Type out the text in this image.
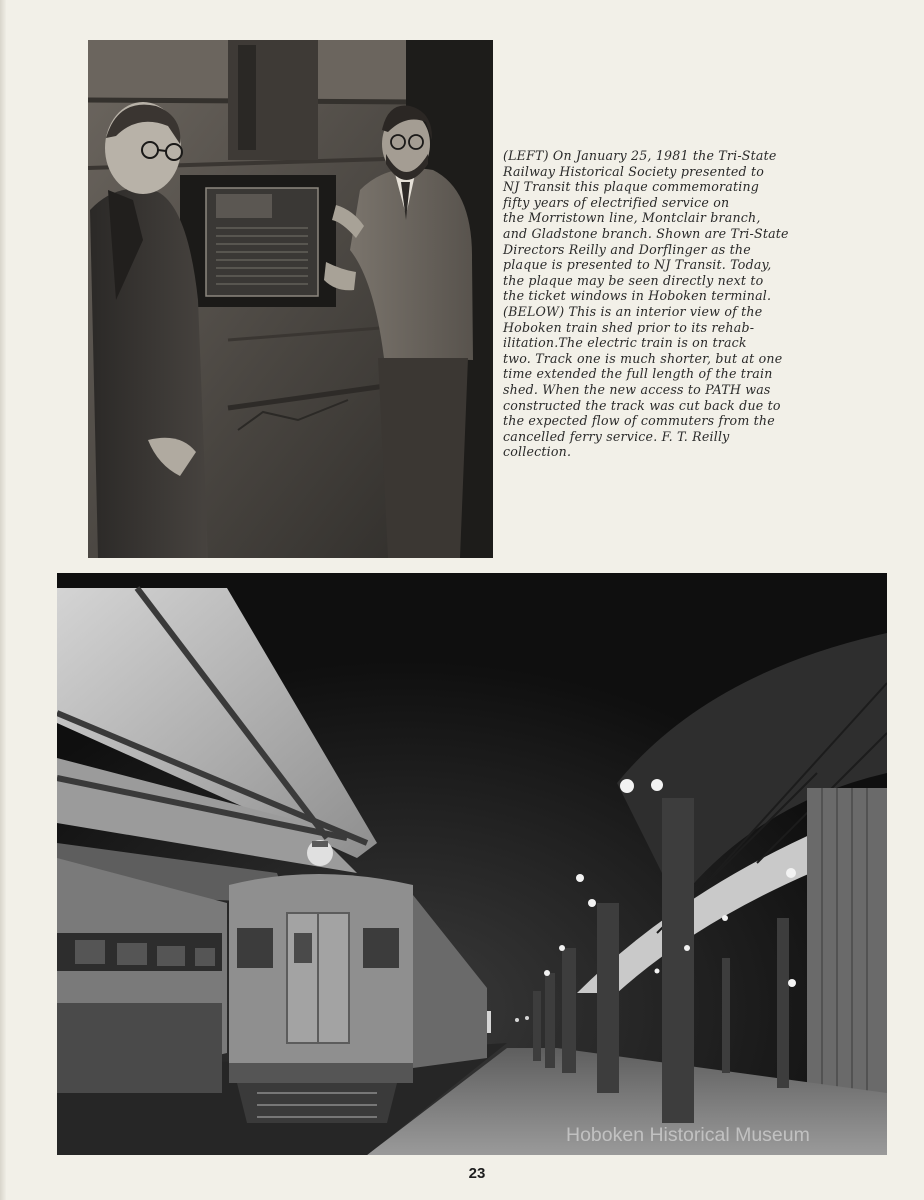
(LEFT) On January 25, 1981 the Tri-State
Railway Historical Society presented to
NJ Transit this plaque commemorating
fifty years of electrified service on
the Morristown line, Montclair branch,
and Gladstone branch. Shown are Tri-State
Directors Reilly and Dorflinger as the
plaque is presented to NJ Transit. Today,
the plaque may be seen directly next to
the ticket windows in Hoboken terminal.
(BELOW) This is an interior view of the
Hoboken train shed prior to its rehab-
ilitation.The electric train is on track
two. Track one is much shorter, but at one
time extended the full length of the train
shed. When the new access to PATH was
constructed the track was cut back due to
the expected flow of commuters from the
cancelled ferry service. F. T. Reilly
collection.
Hoboken Historical Museum
23
